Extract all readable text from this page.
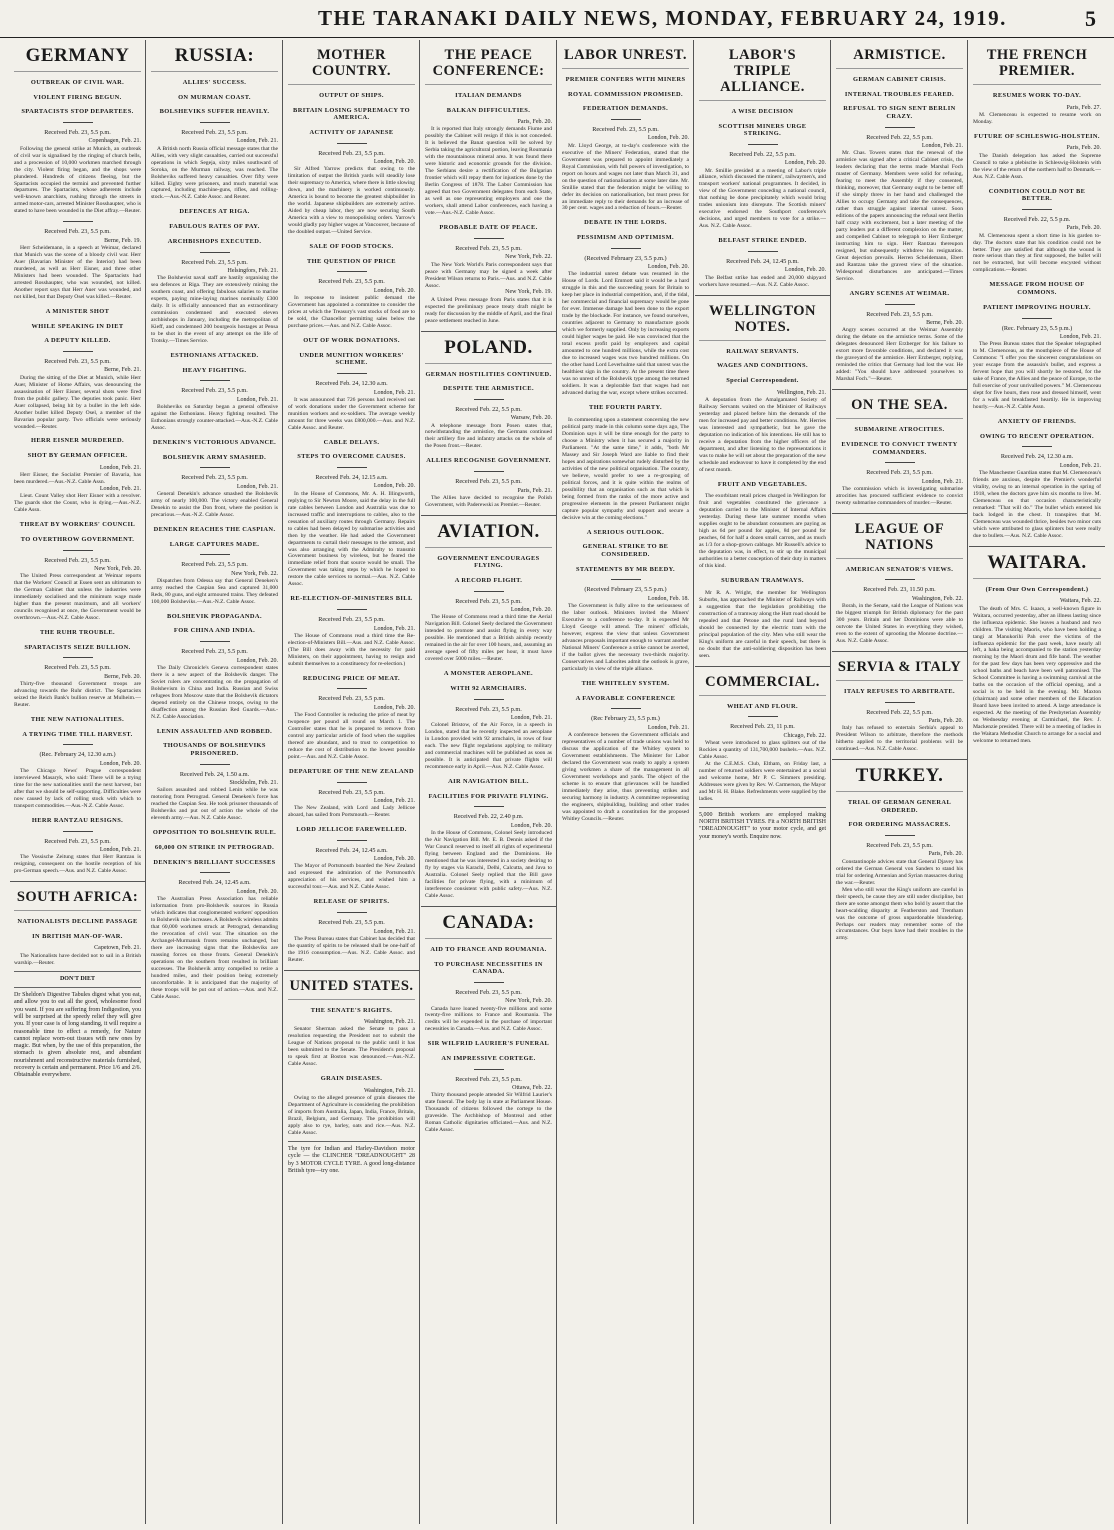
THE TARANAKI DAILY NEWS, MONDAY, FEBRUARY 24, 1919.	5
GERMANY
OUTBREAK OF CIVIL WAR.
VIOLENT FIRING BEGUN.
SPARTACISTS STOP DEPARTEES.
Received Feb. 23, 5.5 p.m.
Copenhagen, Feb. 21.
Following the general strike at Munich, an outbreak of civil war is signalised by the ringing of church bells, and a procession of 10,000 workmen marched through the city. Violent firing began, and the shops were plundered. Hundreds of citizens fleeing, but the Spartacists occupied the termini and prevented further departures. The Spartacists, whose adherents include well-known anarchists, rushing through the streets in armed motor-cars, arrested Minister Rosshaupter, who is stated to have been wounded in the Diet affray.—Reuter.
Received Feb. 23, 5.5 p.m.
Berne, Feb. 19.
Herr Scheidemann, in a speech at Weimar, declared that Munich was the scene of a bloody civil war. Herr Auer (Bavarian Minister of the Interior) had been murdered, as well as Herr Eisner, and three other Ministers had been wounded. The Spartacists had arrested Rosshaupter, who was wounded, not killed. Another report says that Herr Auer was wounded, and not killed, but that Deputy Osel was killed.—Reuter.
A MINISTER SHOT
WHILE SPEAKING IN DIET
A DEPUTY KILLED.
Received Feb. 23, 5.5 p.m.
Berne, Feb. 21.
During the sitting of the Diet at Munich, while Herr Auer, Minister of Home Affairs, was denouncing the assassination of Herr Eisner, several shots were fired from the public gallery. The deputies took panic. Herr Auer collapsed, being hit by a bullet in the left side. Another bullet killed Deputy Osel, a member of the Bavarian popular party. Two officials were seriously wounded.—Reuter.
HERR EISNER MURDERED.
SHOT BY GERMAN OFFICER.
London, Feb. 21.
Herr Eisner, the Socialist Premier of Bavaria, has been murdered.—Aus.-N.Z. Cable Assn.
London, Feb. 21.
Lieut. Count Valley shot Herr Eisner with a revolver. The guards shot the Count, who is dying.—Aus.-N.Z. Cable Assn.
THREAT BY WORKERS' COUNCIL
TO OVERTHROW GOVERNMENT.
Received Feb. 23, 5.5 p.m.
New York, Feb. 20.
The United Press correspondent at Weimar reports that the Workers' Council at Essen sent an ultimatum to the German Cabinet that unless the industries were immediately socialised and the minimum wage made higher than the present maximum, and all workers' councils recognised at once, the Government would be overthrown.—Aus.-N.Z. Cable Assoc.
THE RUHR TROUBLE.
SPARTACISTS SEIZE BULLION.
Received Feb. 23, 5.5 p.m.
Berne, Feb. 20.
Thirty-five thousand Government troops are advancing towards the Ruhr district. The Spartacists seized the Reich Bank's bullion reserve at Mulheim.—Reuter.
THE NEW NATIONALITIES.
A TRYING TIME TILL HARVEST.
(Rec. February 24, 12.30 a.m.)
London, Feb. 20.
The Chicago News' Prague correspondent interviewed Masaryk, who said: There will be a trying time for the new nationalities until the next harvest, but after that we should be self-supporting. Difficulties were now caused by lack of rolling stock with which to transport commodities.—Aus.-N.Z. Cable Assoc.
HERR RANTZAU RESIGNS.
Received Feb. 23, 5.5 p.m.
London, Feb. 21.
The Vossische Zeitung states that Herr Rantzau is resigning, consequent on the hostile reception of his pro-German speech.—Aus. and N.Z. Cable Assoc.
SOUTH AFRICA:
NATIONALISTS DECLINE PASSAGE
IN BRITISH MAN-OF-WAR.
Capetown, Feb. 21.
The Nationalists have decided not to sail in a British warship.—Reuter.
DON'T DIET
Dr Sheldon's Digestive Tabules digest what you eat, and allow you to eat all the good, wholesome food you want. If you are suffering from Indigestion, you will be surprised at the speedy relief they will give you. If your case is of long standing, it will require a reasonable time to effect a remedy, for Nature cannot replace worn-out tissues with new ones by magic. But when, by the use of this preparation, the stomach is given absolute rest, and abundant nourishment and reconstructive materials furnished, recovery is certain and permanent. Price 1/6 and 2/6. Obtainable everywhere.
RUSSIA:
ALLIES' SUCCESS.
ON MURMAN COAST.
BOLSHEVIKS SUFFER HEAVILY.
Received Feb. 23, 5.5 p.m.
London, Feb. 21.
A British north Russia official message states that the Allies, with very slight casualties, carried out successful operations in which Segeja, sixty miles southward of Soroka, on the Murman railway, was reached. The Bolsheviks suffered heavy casualties. Over fifty were killed. Eighty were prisoners, and much material was captured, including machine-guns, rifles, and rolling-stock.—Aus.-N.Z. Cable Assoc. and Reuter.
DEFENCES AT RIGA.
FABULOUS RATES OF PAY.
ARCHBISHOPS EXECUTED.
Received Feb. 23, 5.5 p.m.
Helsingfors, Feb. 21.
The Bolshevist naval staff are hastily organising the sea defences at Riga. They are extensively mining the southern coast, and offering fabulous salaries to marine experts, paying mine-laying marines nominally £300 daily. It is officially announced that an extraordinary commission condemned and executed eleven archbishops in January, including the metropolitan of Kieff, and condemned 200 bourgeois hostages at Pensa to be shot in the event of any attempt on the life of Trotsky.—Times Service.
ESTHONIANS ATTACKED.
HEAVY FIGHTING.
Received Feb. 23, 5.5 p.m.
London, Feb. 21.
Bolsheviks on Saturday began a general offensive against the Esthonians. Heavy fighting resulted. The Esthonians strongly counter-attacked.—Aus.-N.Z. Cable Assoc.
DENEKIN'S VICTORIOUS ADVANCE.
BOLSHEVIK ARMY SMASHED.
Received Feb. 23, 5.5 p.m.
London, Feb. 21.
General Denekin's advance smashed the Bolshevik army of nearly 100,000. The victory enabled General Denekin to assist the Don front, where the position is precarious.—Aus.-N.Z. Cable Assoc.
DENEKEN REACHES THE CASPIAN.
LARGE CAPTURES MADE.
Received Feb. 23, 5.5 p.m.
New York, Feb. 22.
Dispatches from Odessa say that General Deneken's army reached the Caspian Sea and captured 31,000 Reds, 80 guns, and eight armoured trains. They defeated 100,000 Bolsheviks.—Aus.-N.Z. Cable Assoc.
BOLSHEVIK PROPAGANDA.
FOR CHINA AND INDIA.
Received Feb. 23, 5.5 p.m.
London, Feb. 20.
The Daily Chronicle's Geneva correspondent states there is a new aspect of the Bolshevik danger. The Soviet rulers are concentrating on the propagation of Bolshevism in China and India. Russian and Swiss refugees from Moscow state that the Bolshevik dictators depend entirely on the Chinese troops, owing to the disaffection among the Russian Red Guards.—Aus.-N.Z. Cable Association.
LENIN ASSAULTED AND ROBBED.
THOUSANDS OF BOLSHEVIKS PRISONERED.
Received Feb. 24, 1.50 a.m.
Stockholm, Feb. 21.
Sailors assaulted and robbed Lenin while he was motoring from Petrograd. General Deneken's force has reached the Caspian Sea. He took prisoner thousands of Bolsheviks and put out of action the whole of the eleventh army.—Aus. N.Z. Cable Assoc.
OPPOSITION TO BOLSHEVIK RULE.
60,000 ON STRIKE IN PETROGRAD.
DENEKIN'S BRILLIANT SUCCESSES
Received Feb. 24, 12.45 a.m.
London, Feb. 20.
The Australian Press Association has reliable information from pro-Bolshevik sources in Russia which indicates that conglomerated workers' opposition to Bolshevik rule increases. A Bolshevik wireless admits that 60,000 workmen struck at Petrograd, demanding the revocation of civil war. The situation on the Archangel-Murmansk fronts remains unchanged, but there are increasing signs that the Bolsheviks are massing forces on those fronts. General Denekin's operations on the southern front resulted in brilliant successes. The Bolshevik army compelled to retire a hundred miles, and their position being extremely uncomfortable. It is anticipated that the majority of these troops will be put out of action.—Aus. and N.Z. Cable Assoc.
MOTHER COUNTRY.
OUTPUT OF SHIPS.
BRITAIN LOSING SUPREMACY TO AMERICA.
ACTIVITY OF JAPANESE
Received Feb. 23, 5.5 p.m.
London, Feb. 20.
Sir Alfred Yarrow predicts that owing to the limitation of output the British yards will steadily lose their supremacy to America, where there is little slowing down, and the machinery is worked continuously. America is bound to become the greatest shipbuilder in the world. Japanese shipbuilders are extremely active. Aided by cheap labor, they are now securing South America with a view to monopolising orders. Yarrow's would gladly pay higher wages at Vancouver, because of the doubled output.—United Service.
SALE OF FOOD STOCKS.
THE QUESTION OF PRICE
Received Feb. 23, 5.5 p.m.
London, Feb. 20.
In response to insistent public demand the Government has appointed a committee to consider the prices at which the Treasury's vast stocks of food are to be sold, the Chancellor permitting sales below the purchase prices.—Aus. and N.Z. Cable Assoc.
OUT OF WORK DONATIONS.
UNDER MUNITION WORKERS' SCHEME.
Received Feb. 24, 12.30 a.m.
London, Feb. 21.
It was announced that 726 persons had received out of work donations under the Government scheme for munition workers and ex-soldiers. The average weekly amount for three weeks was £800,000.—Aus. and N.Z. Cable Assoc. and Reuter.
CABLE DELAYS.
STEPS TO OVERCOME CAUSES.
Received Feb. 24, 12.15 a.m.
London, Feb. 20.
In the House of Commons, Mr. A. H. Illingworth, replying to Sir Newton Moore, said the delay in the full rate cables between London and Australia was due to increased traffic and interruptions to cables, also to the cessation of auxiliary routes through Germany. Repairs to cables had been delayed by submarine activities and then by the weather. He had asked the Government departments to curtail their messages to the utmost, and was also arranging with the Admiralty to transmit Government business by wireless, but he feared the immediate relief from that source would be small. The Government was taking steps by which he hoped to restore the cable services to normal.—Aus. N.Z. Cable Assoc.
RE-ELECTION-OF-MINISTERS BILL
Received Feb. 23, 5.5 p.m.
London, Feb. 21.
The House of Commons read a third time the Re-election-of-Ministers Bill.—Aus. and N.Z. Cable Assoc. (The Bill does away with the necessity for paid Ministers, on their appointment, having to resign and submit themselves to a constituency for re-election.)
REDUCING PRICE OF MEAT.
Received Feb. 23, 5.5 p.m.
London, Feb. 20.
The Food Controller is reducing the price of meat by twopence per pound all round on March 1. The Controller states that he is prepared to remove from control any particular article of food when the supplies thereof are abundant, and to trust to competition to reduce the cost of distribution to the lowest possible point.—Aus. and N.Z. Cable Assoc.
DEPARTURE OF THE NEW ZEALAND
Received Feb. 23, 5.5 p.m.
London, Feb. 21.
The New Zealand, with Lord and Lady Jellicoe aboard, has sailed from Portsmouth.—Reuter.
LORD JELLICOE FAREWELLED.
Received Feb. 24, 12.45 a.m.
London, Feb. 20.
The Mayor of Portsmouth boarded the New Zealand and expressed the admiration of the Portsmouth's appreciation of his services, and wished him a successful tour.—Aus. and N.Z. Cable Assoc.
RELEASE OF SPIRITS.
Received Feb. 23, 5.5 p.m.
London, Feb. 21.
The Press Bureau states that Cabinet has decided that the quantity of spirits to be released shall be one-half of the 1916 consumption.—Aus. N.Z. Cable Assoc. and Reuter.
UNITED STATES.
THE SENATE'S RIGHTS.
Washington, Feb. 21.
Senator Sherman asked the Senate to pass a resolution requesting the President not to submit the League of Nations proposal to the public until it has been submitted to the Senate. The President's proposal to speak first at Boston was denounced.—Aus.-N.Z. Cable Assoc.
GRAIN DISEASES.
Washington, Feb. 21.
Owing to the alleged presence of grain diseases the Department of Agriculture is considering the prohibition of imports from Australia, Japan, India, France, Britain, Brazil, Belgium, and Germany. The prohibition will apply also to rye, barley, oats and rice.—Aus. N.Z. Cable Assoc.
The tyre for Indian and Harley-Davidson motor cycle — the CLINCHER "DREADNOUGHT" 28 by 3 MOTOR CYCLE TYRE. A good long-distance British tyre—try one.
THE PEACE CONFERENCE:
ITALIAN DEMANDS
BALKAN DIFFICULTIES.
Paris, Feb. 20.
It is reported that Italy strongly demands Fiume and possibly the Cabinet will resign if this is not conceded. It is believed the Banat question will be solved by Serbia taking the agricultural portion, leaving Roumania with the mountainous mineral area. It was found there were historic and economic grounds for the division. The Serbians desire a rectification of the Bulgarian frontier which will repay them for injustices done by the Berlin Congress of 1878. The Labor Commission has agreed that two Government delegates from each State, as well as one representing employers and one the workers, shall attend Labor conferences, each having a vote.—Aus.-N.Z. Cable Assoc.
PROBABLE DATE OF PEACE.
Received Feb. 23, 5.5 p.m.
New York, Feb. 22.
The New York World's Paris correspondent says that peace with Germany may be signed a week after President Wilson returns to Paris.—Aus. and N.Z. Cable Assoc.
New York, Feb. 19.
A United Press message from Paris states that it is expected the preliminary peace treaty draft might be ready for discussion by the middle of April, and the final peace settlement reached in June.
POLAND.
GERMAN HOSTILITIES CONTINUED.
DESPITE THE ARMISTICE.
Received Feb. 22, 5.5 p.m.
Warsaw, Feb. 20.
A telephone message from Posen states that, notwithstanding the armistice, the Germans continued their artillery fire and infantry attacks on the whole of the Posen front.—Reuter.
ALLIES RECOGNISE GOVERNMENT.
Received Feb. 23, 5.5 p.m.
Paris, Feb. 21.
The Allies have decided to recognise the Polish Government, with Paderewski as Premier.—Reuter.
AVIATION.
GOVERNMENT ENCOURAGES FLYING.
A RECORD FLIGHT.
Received Feb. 23, 5.5 p.m.
London, Feb. 20.
The House of Commons read a third time the Aerial Navigation Bill. Colonel Seely declared the Government intended to promote and assist flying in every way possible. He mentioned that a British airship recently remained in the air for over 100 hours, and, assuming an average speed of fifty miles per hour, it must have covered over 5000 miles.—Reuter.
A MONSTER AEROPLANE.
WITH 92 ARMCHAIRS.
Received Feb. 23, 5.5 p.m.
London, Feb. 21.
Colonel Bristow, of the Air Force, in a speech in London, stated that he recently inspected an aeroplane in London provided with 92 armchairs, in rows of four each. The new flight regulations applying to military and commercial machines will be published as soon as possible. It is anticipated that private flights will recommence early in April.—Aus. N.Z. Cable Assoc.
AIR NAVIGATION BILL.
FACILITIES FOR PRIVATE FLYING.
Received Feb. 22, 2.40 p.m.
London, Feb. 20.
In the House of Commons, Colonel Seely introduced the Air Navigation Bill. Mr. E. B. Dennis asked if the War Council reserved to itself all rights of experimental flying between England and the Dominions. He mentioned that he was interested in a society desiring to fly by stages via Karachi, Delhi, Calcutta, and Java to Australia. Colonel Seely replied that the Bill gave facilities for private flying, with a minimum of interference consistent with public safety.—Aus. N.Z. Cable Assoc.
CANADA:
AID TO FRANCE AND ROUMANIA.
TO PURCHASE NECESSITIES IN CANADA.
Received Feb. 23, 5.5 p.m.
New York, Feb. 20.
Canada have loaned twenty-five millions and some twenty-five millions to France and Roumania. The credits will be expended in the purchase of important necessities in Canada.—Aus. and N.Z. Cable Assoc.
SIR WILFRID LAURIER'S FUNERAL
AN IMPRESSIVE CORTEGE.
Received Feb. 23, 5.5 p.m.
Ottawa, Feb. 22.
Thirty thousand people attended Sir Wilfrid Laurier's state funeral. The body lay in state at Parliament House. Thousands of citizens followed the cortege to the graveside. The Archbishop of Montreal and other Roman Catholic dignitaries officiated.—Aus. and N.Z. Cable Assoc.
LABOR UNREST.
PREMIER CONFERS WITH MINERS
ROYAL COMMISSION PROMISED.
FEDERATION DEMANDS.
Received Feb. 23, 5.5 p.m.
London, Feb. 20.
Mr. Lloyd George, at to-day's conference with the executive of the Miners' Federation, stated that the Government was prepared to appoint immediately a Royal Commission, with full powers of investigation, to report on hours and wages not later than March 31, and on the question of nationalisation at some later date. Mr. Smillie stated that the federation might be willing to defer its decision on nationalisation, but must press for an immediate reply to their demands for an increase of 30 per cent. wages and a reduction of hours.—Reuter.
DEBATE IN THE LORDS.
PESSIMISM AND OPTIMISM.
(Received February 23, 5.5 p.m.)
London, Feb. 20.
The industrial unrest debate was resumed in the House of Lords. Lord Emmott said it would be a hard struggle in this and the succeeding years for Britain to keep her place in industrial competition, and, if the tidal, her commercial and financial supremacy would be gone for ever. Immense damage had been done to the export trade by the blockade. For instance, we found ourselves, countries adjacent to Germany to manufacture goods which we formerly supplied. Only by increasing exports could higher wages be paid. He was convinced that the total excess profit paid by employers and capital amounted to one hundred millions, while the extra cost due to increased wages was two hundred millions. On the other hand Lord Leverhulme said that unrest was the healthiest sign in the country. At the present time there was no unrest of the Bolshevik type among the returned soldiers. It was a deplorable fact that wages had not advanced during the war, except where strikes occurred.
THE FOURTH PARTY.
In commenting upon a statement concerning the new political party made in this column some days ago, The Dominion says it will be time enough for the party to choose a Ministry when it has secured a majority in Parliament. "At the same time," it adds, "both Mr Massey and Sir Joseph Ward are liable to find their hopes and aspirations somewhat rudely disturbed by the activities of the new political organisation. The country, we believe, would prefer to see a re-grouping of political forces, and it is quite within the realms of possibility that an organisation such as that which is being formed from the ranks of the more active and progressive elements in the present Parliament might capture popular sympathy and support and secure a decisive win at the coming elections."
A SERIOUS OUTLOOK.
GENERAL STRIKE TO BE CONSIDERED.
STATEMENTS BY MR BEEDY.
(Received February 23, 5.5 p.m.)
London, Feb. 18.
The Government is fully alive to the seriousness of the labor outlook. Ministers invited the Miners' Executive to a conference to-day. It is expected Mr Lloyd George will attend. The miners' officials, however, express the view that unless Government advances proposals important enough to warrant another National Miners' Conference a strike cannot be averted, if the ballot gives the necessary two-thirds majority. Conservatives and Laborites admit the outlook is grave, particularly in view of the triple alliance.
THE WHITELEY SYSTEM.
A FAVORABLE CONFERENCE
(Rec February 23, 5.5 p.m.)
London, Feb. 21.
A conference between the Government officials and representatives of a number of trade unions was held to discuss the application of the Whitley system to Government establishments. The Minister for Labor declared the Government was ready to apply a system giving workmen a share of the management in all Government workshops and yards. The object of the scheme is to ensure that grievances will be handled immediately they arise, thus preventing strikes and securing harmony in industry. A committee representing the engineers, shipbuilding, building and other trades was appointed to draft a constitution for the proposed Whitley Councils.—Reuter.
LABOR'S TRIPLE ALLIANCE.
A WISE DECISION
SCOTTISH MINERS URGE STRIKING.
Received Feb. 22, 5.5 p.m.
London, Feb. 20.
Mr. Smillie presided at a meeting of Labor's triple alliance, which discussed the miners', railwaymen's, and transport workers' national programmes. It decided, in view of the Government conceding a national council, that nothing be done precipitately which would bring trades unionism into disrepute. The Scottish miners' executive endorsed the Southport conference's decisions, and urged members to vote for a strike.—Aus. N.Z. Cable Assoc.
BELFAST STRIKE ENDED.
Received Feb. 24, 12.45 p.m.
London, Feb. 20.
The Belfast strike has ended and 20,000 shipyard workers have resumed.—Aus. N.Z. Cable Assoc.
WELLINGTON NOTES.
RAILWAY SERVANTS.
WAGES AND CONDITIONS.
Special Correspondent.
Wellington, Feb. 21.
A deputation from the Amalgamated Society of Railway Servants waited on the Minister of Railways yesterday and placed before him the demands of the men for increased pay and better conditions. Mr. Herries was interested and sympathetic, but he gave the deputation no indication of his intentions. He still has to receive a deputation from the higher officers of the department, and after listening to the representations it was to make he will set about the preparation of the new schedule and endeavour to have it completed by the end of next month.
FRUIT AND VEGETABLES.
The exorbitant retail prices charged in Wellington for fruit and vegetables constituted the grievance a deputation carried to the Minister of Internal Affairs yesterday. During these late summer months when supplies ought to be abundant consumers are paying as high as 6d per pound for apples, 8d per pound for peaches, 6d for half a dozen small carrots, and as much as 1/3 for a shop-grown cabbage. Mr Russell's advice to the deputation was, in effect, to stir up the municipal authorities to a better conception of their duty in matters of this kind.
SUBURBAN TRAMWAYS.
Mr R. A. Wright, the member for Wellington Suburbs, has approached the Minister of Railways with a suggestion that the legislation prohibiting the construction of a tramway along the Hutt road should be repealed and that Petone and the rural land beyond should be connected by the electric tram with the principal population of the city. Men who still wear the King's uniform are careful in their speech, but there is no doubt that the anti-soldiering disposition has been seen.
COMMERCIAL.
WHEAT AND FLOUR.
Received Feb. 23, 11 p.m.
Chicago, Feb. 22.
Wheat were introduced to glass splitters out of the Rockies a quantity of 131,700,000 bushels.—Aus. N.Z. Cable Assoc.
At the C.E.M.S. Club, Eltham, on Friday last, a number of returned soldiers were entertained at a social and welcome home, Mr P. C. Simmers presiding. Addresses were given by Rev. W. Carmerson, the Mayor and Mr H. H. Blake. Refreshments were supplied by the ladies.
5,000 British workers are employed making NORTH BRITISH TYRES. Fit a NORTH BRITISH "DREADNOUGHT" to your motor cycle, and get your money's worth. Enquire now.
ARMISTICE.
GERMAN CABINET CRISIS.
INTERNAL TROUBLES FEARED.
REFUSAL TO SIGN SENT BERLIN CRAZY.
Received Feb. 22, 5.5 p.m.
London, Feb. 21.
Mr. Chas. Towers states that the renewal of the armistice was signed after a critical Cabinet crisis, the leaders declaring that the terms made Marshal Foch master of Germany. Members were solid for refusing, fearing to meet the Assembly if they consented, thinking, moreover, that Germany ought to be better off if she simply threw in her hand and challenged the Allies to occupy Germany and take the consequences, rather than struggle against internal unrest. Soon editions of the papers announcing the refusal sent Berlin half crazy with excitement, but a later meeting of the party leaders put a different complexion on the matter, and compelled Cabinet to telegraph to Herr Erzberger instructing him to sign. Herr Rantzau thereupon resigned, but subsequently withdrew his resignation. Great dejection prevails. Herren Scheidemann, Ebert and Rantzau take the gravest view of the situation. Widespread disturbances are anticipated.—Times Service.
ANGRY SCENES AT WEIMAR.
Received Feb. 23, 5.5 p.m.
Berne, Feb. 20.
Angry scenes occurred at the Weimar Assembly during the debate on the armistice terms. Some of the delegates denounced Herr Erzberger for his failure to extort more favorable conditions, and declared it was the graveyard of the armistice. Herr Erzberger, replying, reminded the critics that Germany had lost the war. He added: "You should have addressed yourselves to Marshal Foch."—Reuter.
ON THE SEA.
SUBMARINE ATROCITIES.
EVIDENCE TO CONVICT TWENTY COMMANDERS.
Received Feb. 23, 5.5 p.m.
London, Feb. 21.
The commission which is investigating submarine atrocities has procured sufficient evidence to convict twenty submarine commanders of murder.—Reuter.
LEAGUE OF NATIONS
AMERICAN SENATOR'S VIEWS.
Received Feb. 23, 11.50 p.m.
Washington, Feb. 22.
Borah, in the Senate, said the League of Nations was the biggest triumph for British diplomacy for the past 300 years. Britain and her Dominions were able to outvote the United States in everything they wished, even to the extent of uprooting the Monroe doctrine.—Aus. N.Z. Cable Assoc.
SERVIA & ITALY
ITALY REFUSES TO ARBITRATE.
Received Feb. 22, 5.5 p.m.
Paris, Feb. 20.
Italy has refused to entertain Serbia's appeal to President Wilson to arbitrate, therefore the methods hitherto applied to the territorial problems will be continued.—Aus. N.Z. Cable Assoc.
TURKEY.
TRIAL OF GERMAN GENERAL ORDERED.
FOR ORDERING MASSACRES.
Received Feb. 23, 5.5 p.m.
Paris, Feb. 20.
Constantinople advices state that General Djavey has ordered the German General von Sanders to stand his trial for ordering Armenian and Syrian massacres during the war.—Reuter.
Men who still wear the King's uniform are careful in their speech, be cause they are still under discipline, but there are some amongst them who bold ly assert that the heart-scalding disparity at Featherston and Trentham was the outcome of gross unpardonable blundering. Perhaps our readers may remember some of the circumstances. Our boys have had their troubles in the army.
THE FRENCH PREMIER.
RESUMES WORK TO-DAY.
Paris, Feb. 27.
M. Clemenceau is expected to resume work on Monday.
FUTURE OF SCHLESWIG-HOLSTEIN.
Paris, Feb. 20.
The Danish delegation has asked the Supreme Council to take a plebiscite in Schleswig-Holstein with the view of the return of the northern half to Denmark.—Aus. N.Z. Cable Assn.
CONDITION COULD NOT BE BETTER.
Received Feb. 22, 5.5 p.m.
Paris, Feb. 20.
M. Clemenceau spent a short time in his garden to-day. The doctors state that his condition could not be better. They are satisfied that although the wound is more serious than they at first supposed, the bullet will not be extracted, but will become encysted without complications.—Reuter.
MESSAGE FROM HOUSE OF COMMONS.
PATIENT IMPROVING HOURLY.
(Rec. February 23, 5.5 p.m.)
London, Feb. 21.
The Press Bureau states that the Speaker telegraphed to M. Clemenceau, as the mouthpiece of the House of Commons: "I offer you the sincerest congratulations on your escape from the assassin's bullet, and express a fervent hope that you will shortly be restored, for the sake of France, the Allies and the peace of Europe, to the full exercise of your unrivalled powers." M. Clemenceau slept for five hours, then rose and dressed himself, went for a walk and breakfasted heartily. He is improving hourly.—Aus.-N.Z. Cable Assn.
ANXIETY OF FRIENDS.
OWING TO RECENT OPERATION.
Received Feb. 24, 12.30 a.m.
London, Feb. 21.
The Manchester Guardian states that M. Clemenceau's friends are anxious, despite the Premier's wonderful vitality, owing to an internal operation in the spring of 1918, when the doctors gave him six months to live. M. Clemenceau on that occasion characteristically remarked: "That will do." The bullet which entered his back lodged in the chest. It transpires that M. Clemenceau was wounded thrice, besides two minor cuts which were attributed to glass splinters but were really due to bullets.—Aus. N.Z. Cable Assoc.
WAITARA.
(From Our Own Correspondent.)
Waitara, Feb. 22.
The death of Mrs. C. Isaacs, a well-known figure in Waitara, occurred yesterday, after an illness lasting since the influenza epidemic. She leaves a husband and two children. The visiting Maoris, who have been holding a tangi at Manukorihi Pah over the victims of the influenza epidemic for the past week, have nearly all left, a haka being accompanied to the station yesterday morning by the Maori drum and fife band. The weather for the past few days has been very oppressive and the school baths and beach have been well patronised. The School Committee is having a swimming carnival at the baths on the occasion of the official opening, and a social is to be held in the evening. Mr. Maxton (chairman) and some other members of the Education Board have been invited to attend. A large attendance is expected. At the meeting of the Presbyterian Assembly on Wednesday evening at Carmichael, the Rev. J. Mackenzie presided. There will be a meeting of ladies in the Waitara Methodist Church to arrange for a social and welcome to returned men.
